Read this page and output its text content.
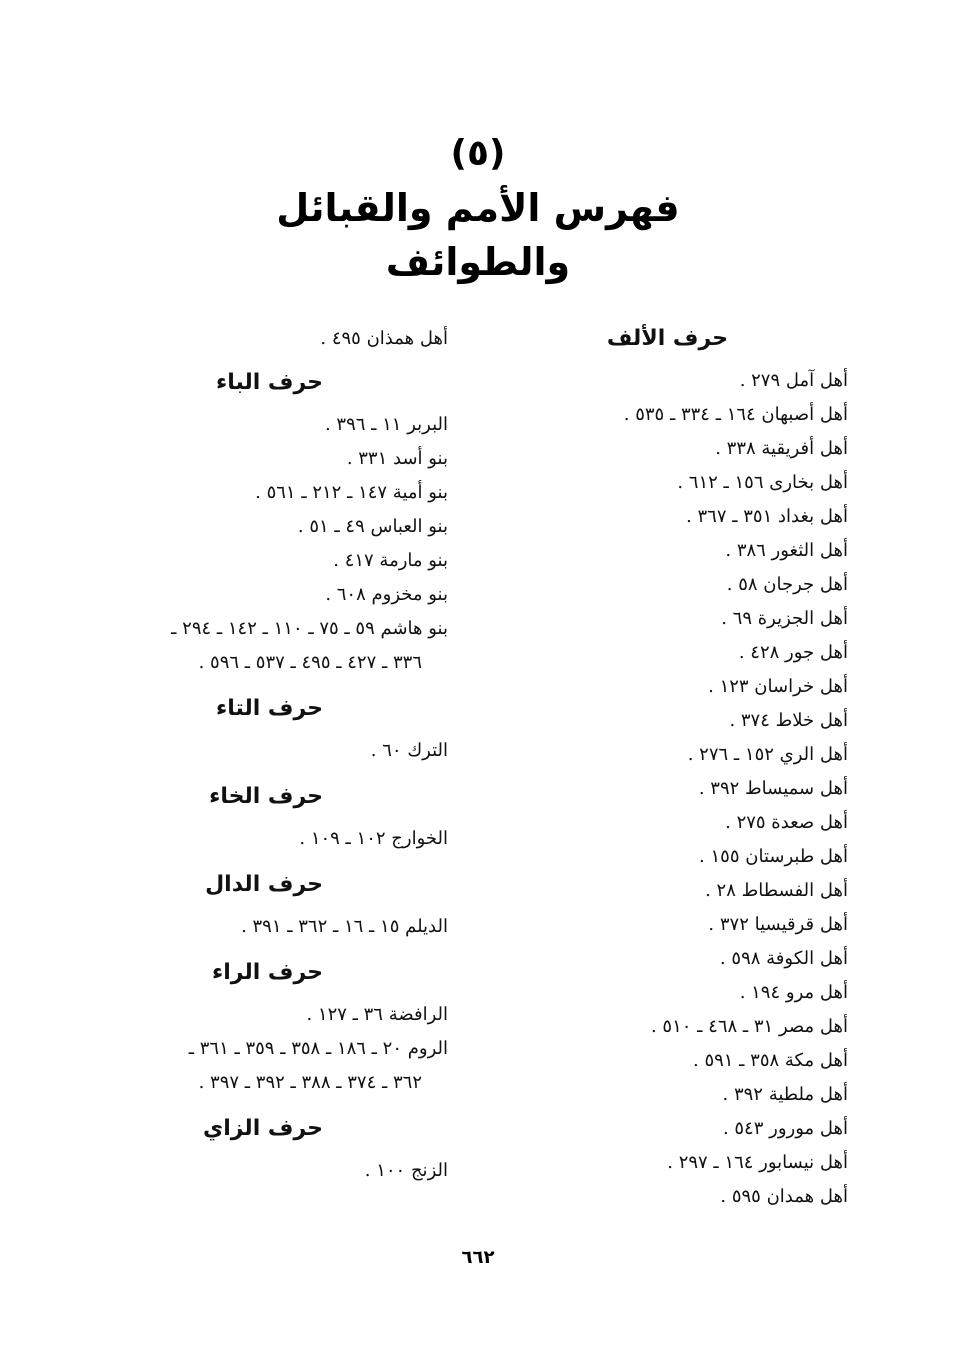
(٥)
فهرس الأمم والقبائل
والطوائف
حرف الألف
أهل آمل ٢٧٩ .
أهل أصبهان ١٦٤ ـ ٣٣٤ ـ ٥٣٥ .
أهل أفريقية ٣٣٨ .
أهل بخارى ١٥٦ ـ ٦١٢ .
أهل بغداد ٣٥١ ـ ٣٦٧ .
أهل الثغور ٣٨٦ .
أهل جرجان ٥٨ .
أهل الجزيرة ٦٩ .
أهل جور ٤٢٨ .
أهل خراسان ١٢٣ .
أهل خلاط ٣٧٤ .
أهل الري ١٥٢ ـ ٢٧٦ .
أهل سميساط ٣٩٢ .
أهل صعدة ٢٧٥ .
أهل طبرستان ١٥٥ .
أهل الفسطاط ٢٨ .
أهل قرقيسيا ٣٧٢ .
أهل الكوفة ٥٩٨ .
أهل مرو ١٩٤ .
أهل مصر ٣١ ـ ٤٦٨ ـ ٥١٠ .
أهل مكة ٣٥٨ ـ ٥٩١ .
أهل ملطية ٣٩٢ .
أهل مورور ٥٤٣ .
أهل نيسابور ١٦٤ ـ ٢٩٧ .
أهل همدان ٥٩٥ .
أهل همذان ٤٩٥ .
حرف الباء
البربر ١١ ـ ٣٩٦ .
بنو أسد ٣٣١ .
بنو أمية ١٤٧ ـ ٢١٢ ـ ٥٦١ .
بنو العباس ٤٩ ـ ٥١ .
بنو مارمة ٤١٧ .
بنو مخزوم ٦٠٨ .
بنو هاشم ٥٩ ـ ٧٥ ـ ١١٠ ـ ١٤٢ ـ ٢٩٤ ـ
٣٣٦ ـ ٤٢٧ ـ ٤٩٥ ـ ٥٣٧ ـ ٥٩٦ .
حرف التاء
الترك ٦٠ .
حرف الخاء
الخوارج ١٠٢ ـ ١٠٩ .
حرف الدال
الديلم ١٥ ـ ١٦ ـ ٣٦٢ ـ ٣٩١ .
حرف الراء
الرافضة ٣٦ ـ ١٢٧ .
الروم ٢٠ ـ ١٨٦ ـ ٣٥٨ ـ ٣٥٩ ـ ٣٦١ ـ
٣٦٢ ـ ٣٧٤ ـ ٣٨٨ ـ ٣٩٢ ـ ٣٩٧ .
حرف الزاي
الزنج ١٠٠ .
٦٦٢
